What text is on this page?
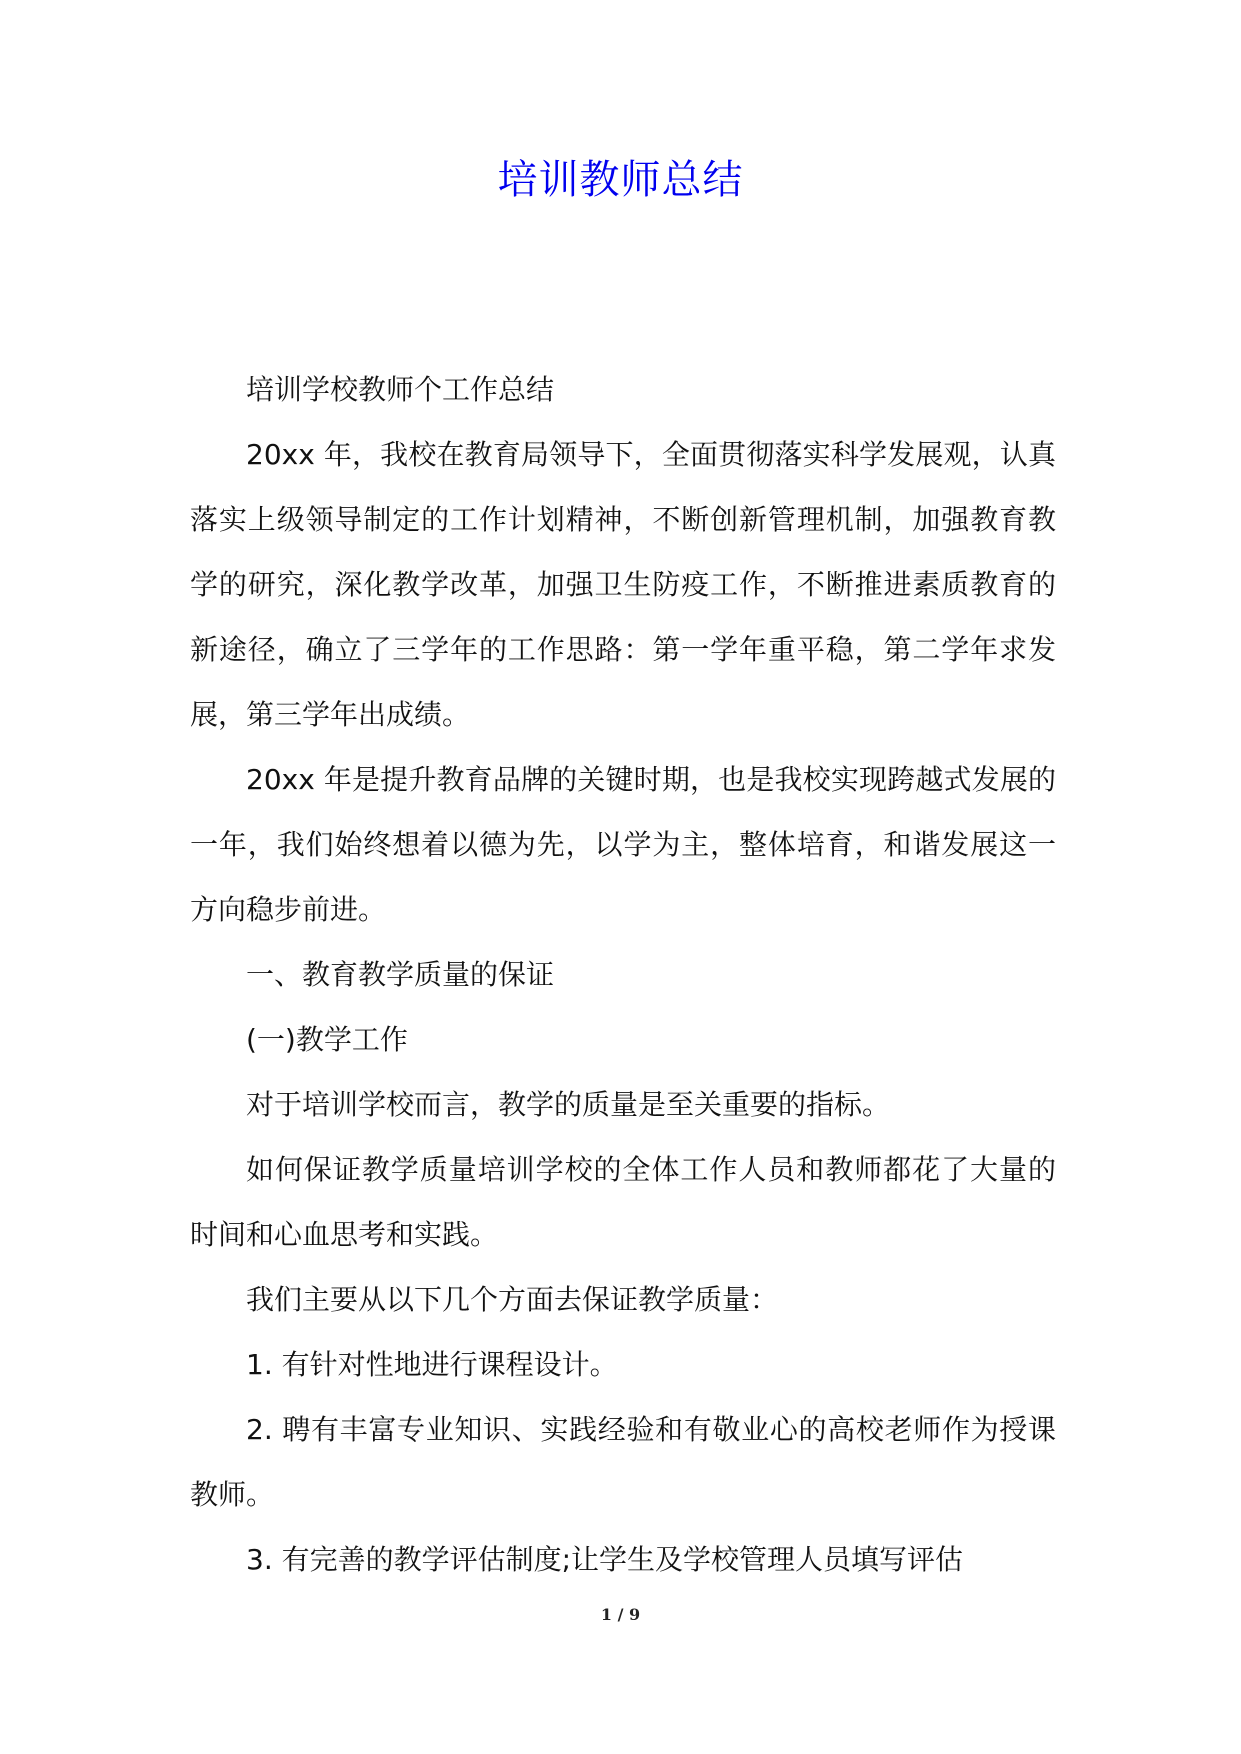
培训教师总结

培训学校教师个工作总结

20xx 年，我校在教育局领导下，全面贯彻落实科学发展观，认真落实上级领导制定的工作计划精神，不断创新管理机制，加强教育教学的研究，深化教学改革，加强卫生防疫工作，不断推进素质教育的新途径，确立了三学年的工作思路：第一学年重平稳，第二学年求发展，第三学年出成绩。

20xx 年是提升教育品牌的关键时期，也是我校实现跨越式发展的一年，我们始终想着以德为先，以学为主，整体培育，和谐发展这一方向稳步前进。

一、教育教学质量的保证

(一)教学工作

对于培训学校而言，教学的质量是至关重要的指标。

如何保证教学质量培训学校的全体工作人员和教师都花了大量的时间和心血思考和实践。

我们主要从以下几个方面去保证教学质量：

1. 有针对性地进行课程设计。

2. 聘有丰富专业知识、实践经验和有敬业心的高校老师作为授课教师。

3. 有完善的教学评估制度;让学生及学校管理人员填写评估

1 / 9
